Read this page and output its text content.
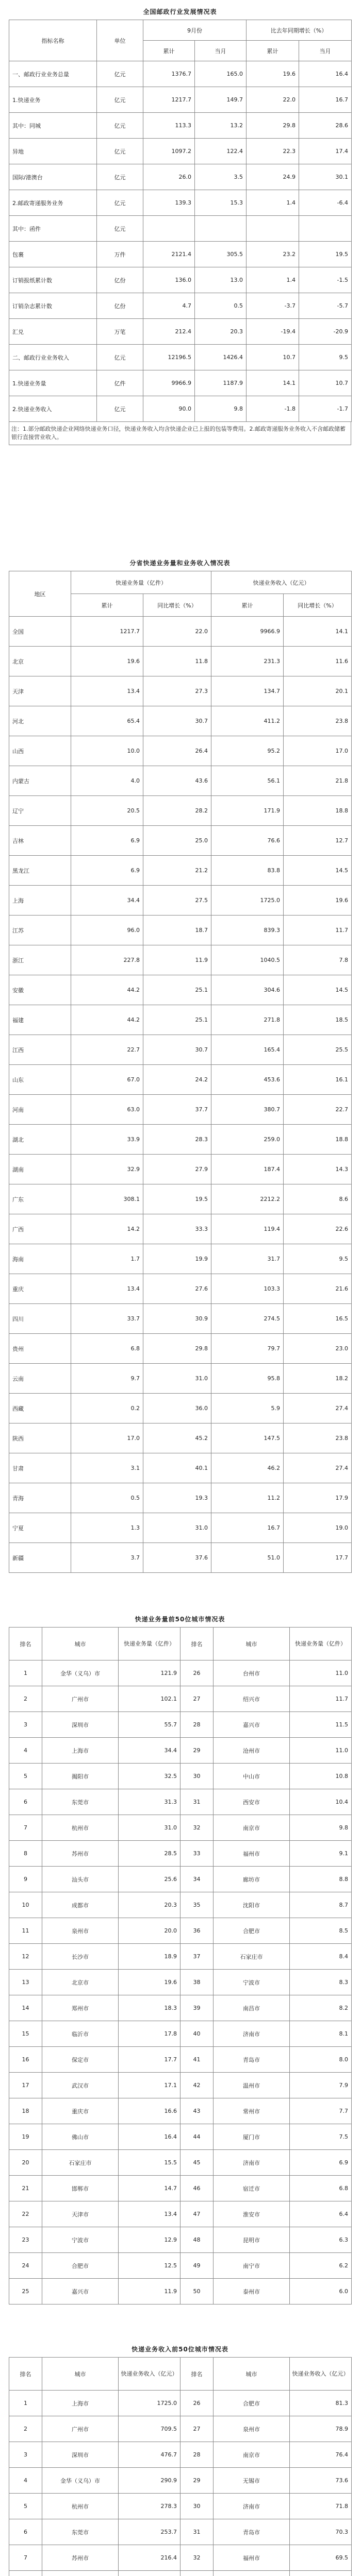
全国邮政行业发展情况表
指标名称	单位	9月份		比去年同期增长（%）	
		累计	当月	累计	当月
一、邮政行业业务总量	亿元	1376.7	165.0	19.6	16.4
1.快递业务	亿元	1217.7	149.7	22.0	16.7
其中：同城	亿元	113.3	13.2	29.8	28.6
异地	亿元	1097.2	122.4	22.3	17.4
国际/港澳台	亿元	26.0	3.5	24.9	30.1
2.邮政寄递服务业务	亿元	139.3	15.3	1.4	-6.4
其中：函件	亿元				
包裹	万件	2121.4	305.5	23.2	19.5
订销报纸累计数	亿份	136.0	13.0	1.4	-1.5
订销杂志累计数	亿份	4.7	0.5	-3.7	-5.7
汇兑	万笔	212.4	20.3	-19.4	-20.9
二、邮政行业业务收入	亿元	12196.5	1426.4	10.7	9.5
1.快递业务量	亿件	9966.9	1187.9	14.1	10.7
2.快递业务收入	亿元	90.0	9.8	-1.8	-1.7
注：1.部分邮政快递企业网络快递业务口径，快递业务收入均含快递企业已上报的包装等费用。2.邮政寄递服务业务收入不含邮政储蓄银行直接营业收入。
分省快递业务量和业务收入情况表
地区	快递业务量（亿件）		快递业务收入（亿元）	
	累计	同比增长（%）	累计	同比增长（%）
全国	1217.7	22.0	9966.9	14.1
北京	19.6	11.8	231.3	11.6
天津	13.4	27.3	134.7	20.1
河北	65.4	30.7	411.2	23.8
山西	10.0	26.4	95.2	17.0
内蒙古	4.0	43.6	56.1	21.8
辽宁	20.5	28.2	171.9	18.8
吉林	6.9	25.0	76.6	12.7
黑龙江	6.9	21.2	83.8	14.5
上海	34.4	27.5	1725.0	19.6
江苏	96.0	18.7	839.3	11.7
浙江	227.8	11.9	1040.5	7.8
安徽	44.2	25.1	304.6	14.5
福建	44.2	25.1	271.8	18.5
江西	22.7	30.7	165.4	25.5
山东	67.0	24.2	453.6	16.1
河南	63.0	37.7	380.7	22.7
湖北	33.9	28.3	259.0	18.8
湖南	32.9	27.9	187.4	14.3
广东	308.1	19.5	2212.2	8.6
广西	14.2	33.3	119.4	22.6
海南	1.7	19.9	31.7	9.5
重庆	13.4	27.6	103.3	21.6
四川	33.7	30.9	274.5	16.5
贵州	6.8	29.8	79.7	23.0
云南	9.7	31.0	95.8	18.2
西藏	0.2	36.0	5.9	27.4
陕西	17.0	45.2	147.5	23.8
甘肃	3.1	40.1	46.2	27.4
青海	0.5	19.3	11.2	17.9
宁夏	1.3	31.0	16.7	19.0
新疆	3.7	37.6	51.0	17.7
快递业务量前50位城市情况表
排名	城市	快递业务量（亿件）	排名	城市	快递业务量（亿件）
1	金华（义乌）市	121.9	26	台州市	11.0
2	广州市	102.1	27	绍兴市	11.7
3	深圳市	55.7	28	嘉兴市	11.5
4	上海市	34.4	29	沧州市	11.0
5	揭阳市	32.5	30	中山市	10.8
6	东莞市	31.3	31	西安市	10.4
7	杭州市	31.0	32	南京市	9.8
8	苏州市	28.5	33	福州市	9.1
9	汕头市	25.6	34	廊坊市	8.8
10	成都市	20.3	35	沈阳市	8.7
11	泉州市	20.0	36	合肥市	8.5
12	长沙市	18.9	37	石家庄市	8.4
13	北京市	19.6	38	宁波市	8.3
14	郑州市	18.3	39	南昌市	8.2
15	临沂市	17.8	40	济南市	8.1
16	保定市	17.7	41	青岛市	8.0
17	武汉市	17.1	42	温州市	7.9
18	重庆市	16.6	43	常州市	7.7
19	佛山市	16.4	44	厦门市	7.5
20	石家庄市	15.5	45	济南市	6.9
21	邯郸市	14.7	46	宿迁市	6.8
22	天津市	13.4	47	淮安市	6.4
23	宁波市	12.9	48	昆明市	6.3
24	合肥市	12.5	49	南宁市	6.2
25	嘉兴市	11.9	50	泰州市	6.0
快递业务收入前50位城市情况表
排名	城市	快递业务收入（亿元）	排名	城市	快递业务收入（亿元）
1	上海市	1725.0	26	合肥市	81.3
2	广州市	709.5	27	泉州市	78.9
3	深圳市	476.7	28	南京市	76.4
4	金华（义乌）市	290.9	29	无锡市	73.6
5	杭州市	278.3	30	济南市	71.8
6	东莞市	253.7	31	青岛市	70.3
7	苏州市	216.4	32	福州市	69.5
